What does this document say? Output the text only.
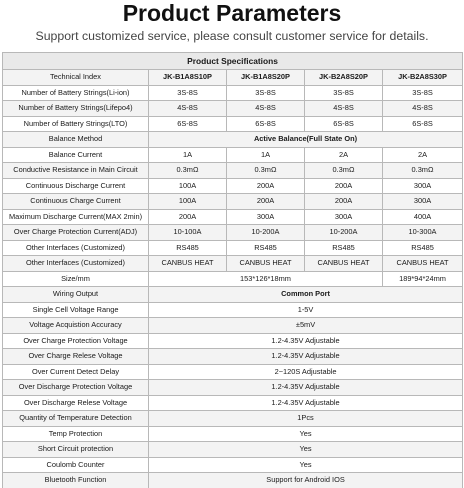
Product Parameters
Support customized service, please consult customer service for details.
Product Specifications				
Technical Index	JK-B1A8S10P	JK-B1A8S20P	JK-B2A8S20P	JK-B2A8S30P
Number of Battery Strings(Li-ion)	3S-8S	3S-8S	3S-8S	3S-8S
Number of Battery Strings(Lifepo4)	4S-8S	4S-8S	4S-8S	4S-8S
Number of Battery Strings(LTO)	6S-8S	6S-8S	6S-8S	6S-8S
Balance Method	Active Balance(Full State On)			
Balance Current	1A	1A	2A	2A
Conductive Resistance in Main Circuit	0.3mΩ	0.3mΩ	0.3mΩ	0.3mΩ
Continuous Discharge Current	100A	200A	200A	300A
Continuous Charge Current	100A	200A	200A	300A
Maximum Discharge Current(MAX 2min)	200A	300A	300A	400A
Over Charge Protection Current(ADJ)	10-100A	10-200A	10-200A	10-300A
Other Interfaces (Customized)	RS485	RS485	RS485	RS485
Other Interfaces (Customized)	CANBUS HEAT	CANBUS HEAT	CANBUS HEAT	CANBUS HEAT
Size/mm	153*126*18mm			189*94*24mm
Wiring Output	Common Port			
Single Cell Voltage Range	1-5V			
Voltage Acquistion Accuracy	±5mV			
Over Charge Protection Voltage	1.2-4.35V Adjustable			
Over Charge Relese Voltage	1.2-4.35V Adjustable			
Over Current Detect Delay	2~120S Adjustable			
Over Discharge Protection Voltage	1.2-4.35V Adjustable			
Over Discharge Relese Voltage	1.2-4.35V Adjustable			
Quantity of Temperature Detection	1Pcs			
Temp Protection	Yes			
Short Circuit protection	Yes			
Coulomb Counter	Yes			
Bluetooth Function	Support for Android IOS			
